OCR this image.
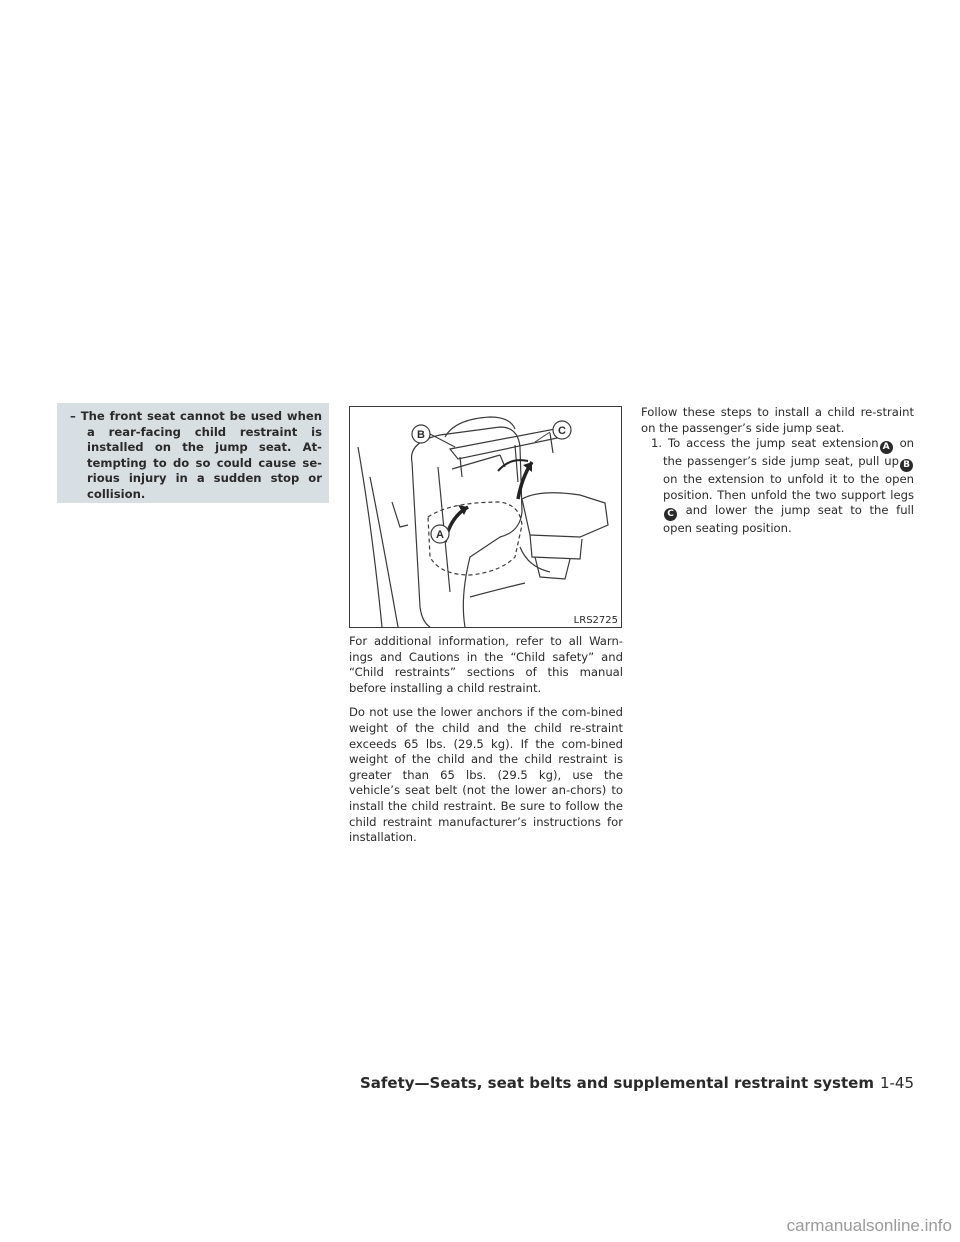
– The front seat cannot be used when a rear-facing child restraint is installed on the jump seat. At-tempting to do so could cause se-rious injury in a sudden stop or collision.

B	C
A
LRS2725

For additional information, refer to all Warn-ings and Cautions in the “Child safety” and “Child restraints” sections of this manual before installing a child restraint.

Do not use the lower anchors if the com-bined weight of the child and the child re-straint exceeds 65 lbs. (29.5 kg). If the com-bined weight of the child and the child restraint is greater than 65 lbs. (29.5 kg), use the vehicle’s seat belt (not the lower an-chors) to install the child restraint. Be sure to follow the child restraint manufacturer’s instructions for installation.

Follow these steps to install a child re-straint on the passenger’s side jump seat.

1. To access the jump seat extension A on the passenger’s side jump seat, pull up B on the extension to unfold it to the open position. Then unfold the two support legsC and lower the jump seat to the full open seating position.

Safety—Seats, seat belts and supplemental restraint system 1-45
carmanualsonline.info
